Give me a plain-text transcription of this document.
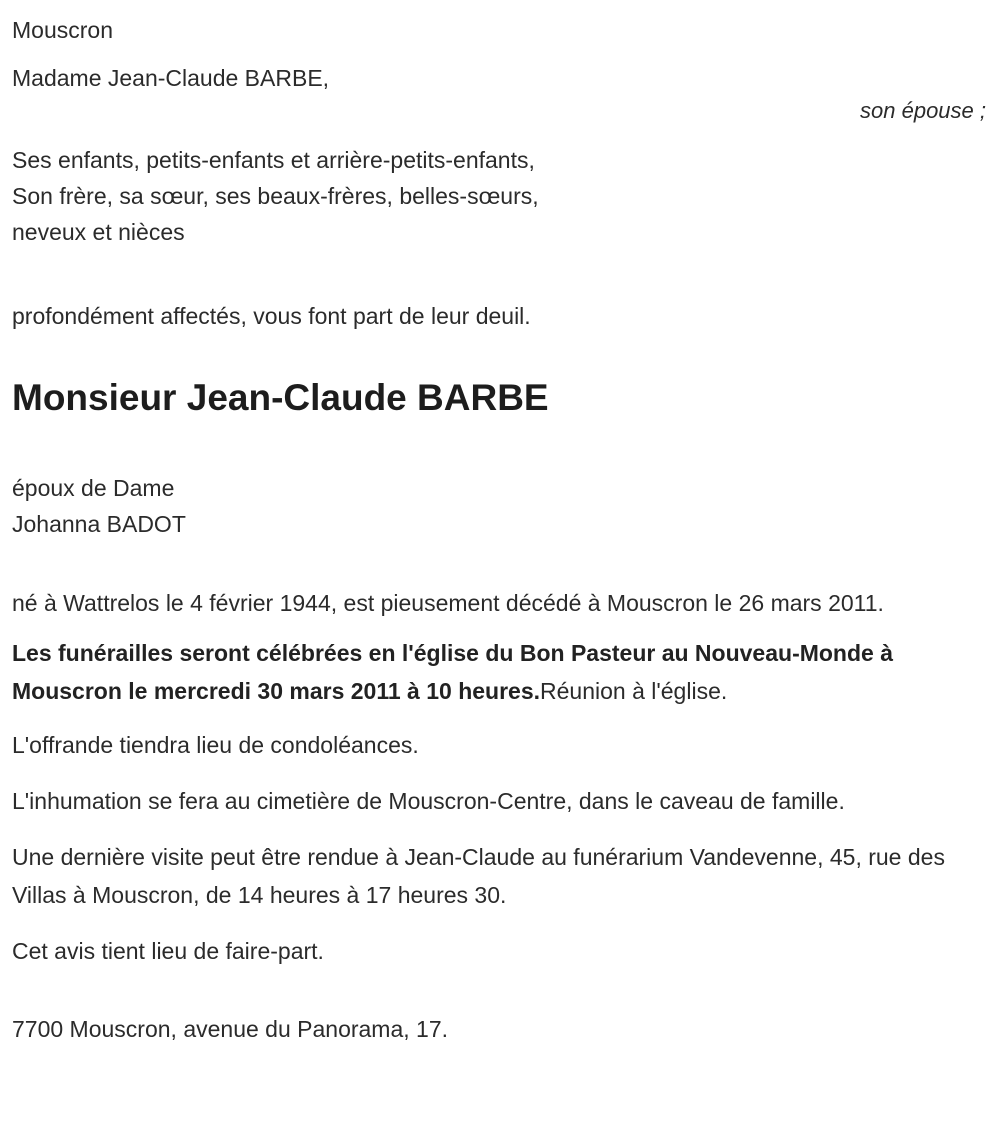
Mouscron

Madame Jean-Claude BARBE,

son épouse ;

Ses enfants, petits-enfants et arrière-petits-enfants,

Son frère, sa sœur, ses beaux-frères, belles-sœurs,

neveux et nièces

profondément affectés, vous font part de leur deuil.

Monsieur Jean-Claude BARBE

époux de Dame

Johanna BADOT

né à Wattrelos le 4 février 1944, est pieusement décédé à Mouscron le 26 mars 2011.

Les funérailles seront célébrées en l'église du Bon Pasteur au Nouveau-Monde à Mouscron le mercredi 30 mars 2011 à 10 heures.Réunion à l'église.

L'offrande tiendra lieu de condoléances.

L'inhumation se fera au cimetière de Mouscron-Centre, dans le caveau de famille.

Une dernière visite peut être rendue à Jean-Claude au funérarium Vandevenne, 45, rue des Villas à Mouscron, de 14 heures à 17 heures 30.

Cet avis tient lieu de faire-part.

7700 Mouscron, avenue du Panorama, 17.
